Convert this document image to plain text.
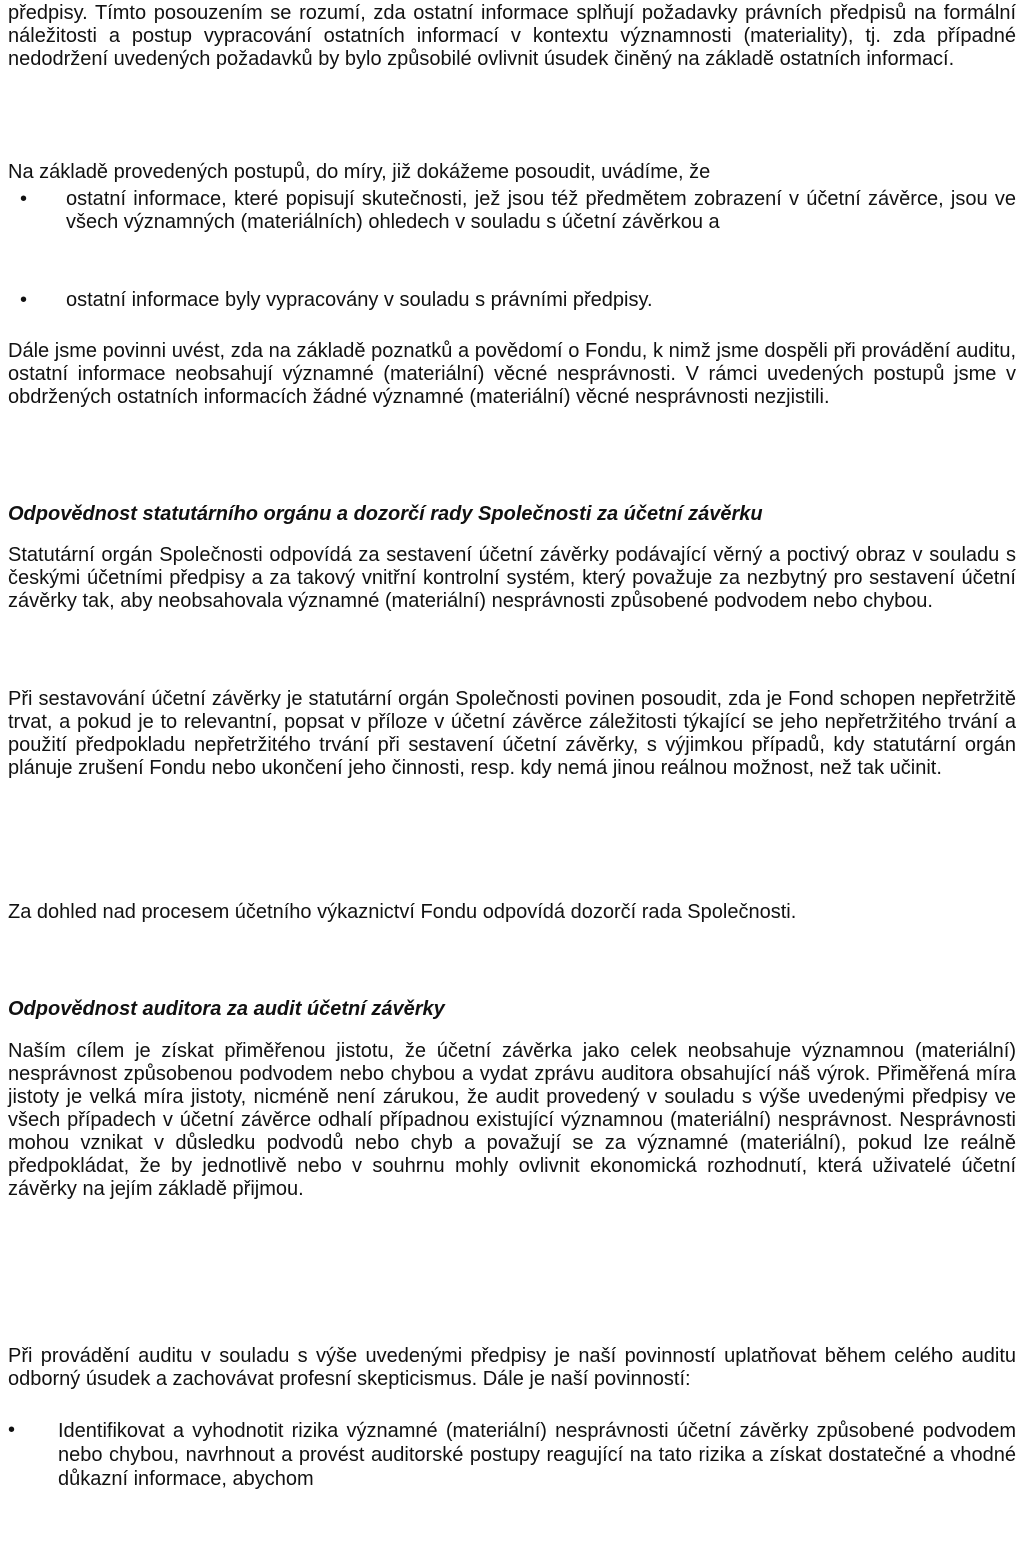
předpisy. Tímto posouzením se rozumí, zda ostatní informace splňují požadavky právních předpisů na formální náležitosti a postup vypracování ostatních informací v kontextu významnosti (materiality), tj. zda případné nedodržení uvedených požadavků by bylo způsobilé ovlivnit úsudek činěný na základě ostatních informací.

Na základě provedených postupů, do míry, již dokážeme posoudit, uvádíme, že

•	ostatní informace, které popisují skutečnosti, jež jsou též předmětem zobrazení v účetní závěrce, jsou ve všech významných (materiálních) ohledech v souladu s účetní závěrkou a
•	ostatní informace byly vypracovány v souladu s právními předpisy.

Dále jsme povinni uvést, zda na základě poznatků a povědomí o Fondu, k nimž jsme dospěli při provádění auditu, ostatní informace neobsahují významné (materiální) věcné nesprávnosti. V rámci uvedených postupů jsme v obdržených ostatních informacích žádné významné (materiální) věcné nesprávnosti nezjistili.

Odpovědnost statutárního orgánu a dozorčí rady Společnosti za účetní závěrku

Statutární orgán Společnosti odpovídá za sestavení účetní závěrky podávající věrný a poctivý obraz v souladu s českými účetními předpisy a za takový vnitřní kontrolní systém, který považuje za nezbytný pro sestavení účetní závěrky tak, aby neobsahovala významné (materiální) nesprávnosti způsobené podvodem nebo chybou.

Při sestavování účetní závěrky je statutární orgán Společnosti povinen posoudit, zda je Fond schopen nepřetržitě trvat, a pokud je to relevantní, popsat v příloze v účetní závěrce záležitosti týkající se jeho nepřetržitého trvání a použití předpokladu nepřetržitého trvání při sestavení účetní závěrky, s výjimkou případů, kdy statutární orgán plánuje zrušení Fondu nebo ukončení jeho činnosti, resp. kdy nemá jinou reálnou možnost, než tak učinit.

Za dohled nad procesem účetního výkaznictví Fondu odpovídá dozorčí rada Společnosti.

Odpovědnost auditora za audit účetní závěrky

Naším cílem je získat přiměřenou jistotu, že účetní závěrka jako celek neobsahuje významnou (materiální) nesprávnost způsobenou podvodem nebo chybou a vydat zprávu auditora obsahující náš výrok. Přiměřená míra jistoty je velká míra jistoty, nicméně není zárukou, že audit provedený v souladu s výše uvedenými předpisy ve všech případech v účetní závěrce odhalí případnou existující významnou (materiální) nesprávnost. Nesprávnosti mohou vznikat v důsledku podvodů nebo chyb a považují se za významné (materiální), pokud lze reálně předpokládat, že by jednotlivě nebo v souhrnu mohly ovlivnit ekonomická rozhodnutí, která uživatelé účetní závěrky na jejím základě přijmou.

Při provádění auditu v souladu s výše uvedenými předpisy je naší povinností uplatňovat během celého auditu odborný úsudek a zachovávat profesní skepticismus. Dále je naší povinností:

•	Identifikovat a vyhodnotit rizika významné (materiální) nesprávnosti účetní závěrky způsobené podvodem nebo chybou, navrhnout a provést auditorské postupy reagující na tato rizika a získat dostatečné a vhodné důkazní informace, abychom
